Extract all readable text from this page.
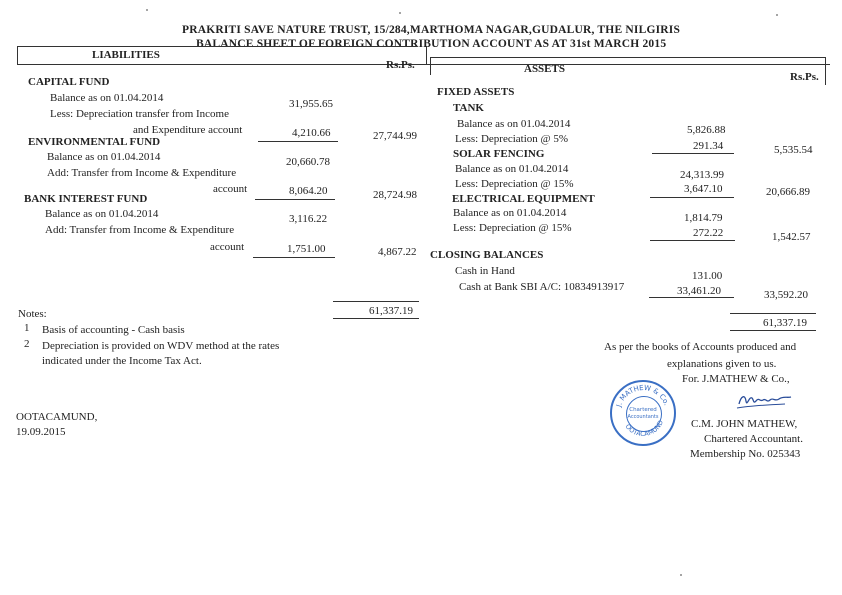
PRAKRITI SAVE NATURE TRUST, 15/284,MARTHOMA NAGAR,GUDALUR, THE NILGIRIS
BALANCE SHEET OF FOREIGN CONTRIBUTION ACCOUNT AS AT 31st MARCH 2015
LIABILITIES
Rs.Ps.	ASSETS
Rs.Ps.
CAPITAL FUND
Balance as on 01.04.2014	31,955.65
Less: Depreciation transfer from Income
and Expenditure account	4,210.66	27,744.99
ENVIRONMENTAL FUND
Balance as on 01.04.2014	20,660.78
Add: Transfer from Income & Expenditure
account	8,064.20	28,724.98
BANK INTEREST FUND
Balance as on 01.04.2014	3,116.22
Add: Transfer from Income & Expenditure
account	1,751.00	4,867.22
61,337.19
FIXED ASSETS
TANK
Balance as on 01.04.2014	5,826.88
Less: Depreciation @ 5%
291.34	5,535.54
SOLAR FENCING
Balance as on 01.04.2014	24,313.99
Less: Depreciation @ 15%	3,647.10	20,666.89
ELECTRICAL EQUIPMENT
Balance as on 01.04.2014	1,814.79
Less: Depreciation @ 15%	272.22	1,542.57
CLOSING BALANCES
Cash in Hand	131.00
Cash at Bank SBI A/C: 10834913917	33,461.20	33,592.20
61,337.19
Notes:
1 Basis of accounting - Cash basis
2 Depreciation is provided on WDV method at the rates
indicated under the Income Tax Act.
OOTACAMUND,
19.09.2015
As per the books of Accounts produced and
explanations given to us.
For. J.MATHEW & Co.,
C.M. JOHN MATHEW,
Chartered Accountant.
Membership No. 025343
J. MATHEW & Co.
OOTACAMUND
Chartered
Accountants
